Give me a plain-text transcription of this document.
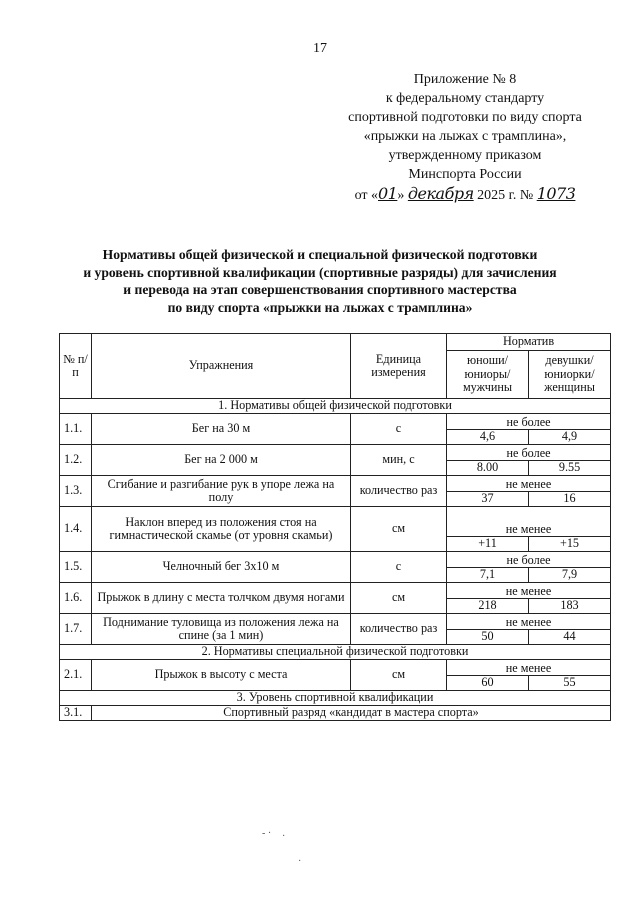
17
Приложение № 8
к федеральному стандарту
спортивной подготовки по виду спорта
«прыжки на лыжах с трамплина»,
утвержденному приказом
Минспорта России
от «01» декабря 2025 г. № 1073
Нормативы общей физической и специальной физической подготовки
и уровень спортивной квалификации (спортивные разряды) для зачисления
и перевода на этап совершенствования спортивного мастерства
по виду спорта «прыжки на лыжах с трамплина»
№ п/п	Упражнения	Единица измерения	Норматив	
			юноши/ юниоры/ мужчины	девушки/ юниорки/ женщины
1. Нормативы общей физической подготовки				
1.1.	Бег на 30 м	с	не более	
			4,6	4,9
1.2.	Бег на 2 000 м	мин, с	не более	
			8.00	9.55
1.3.	Сгибание и разгибание рук в упоре лежа на полу	количество раз	не менее	
			37	16
1.4.	Наклон вперед из положения стоя на гимнастической скамье (от уровня скамьи)	см	не менее	
			+11	+15
1.5.	Челночный бег 3х10 м	с	не более	
			7,1	7,9
1.6.	Прыжок в длину с места толчком двумя ногами	см	не менее	
			218	183
1.7.	Поднимание туловища из положения лежа на спине (за 1 мин)	количество раз	не менее	
			50	44
2. Нормативы специальной физической подготовки				
2.1.	Прыжок в высоту с места	см	не менее	
			60	55
3. Уровень спортивной квалификации				
3.1.	Спортивный разряд «кандидат в мастера спорта»			
‑ · ·
·
